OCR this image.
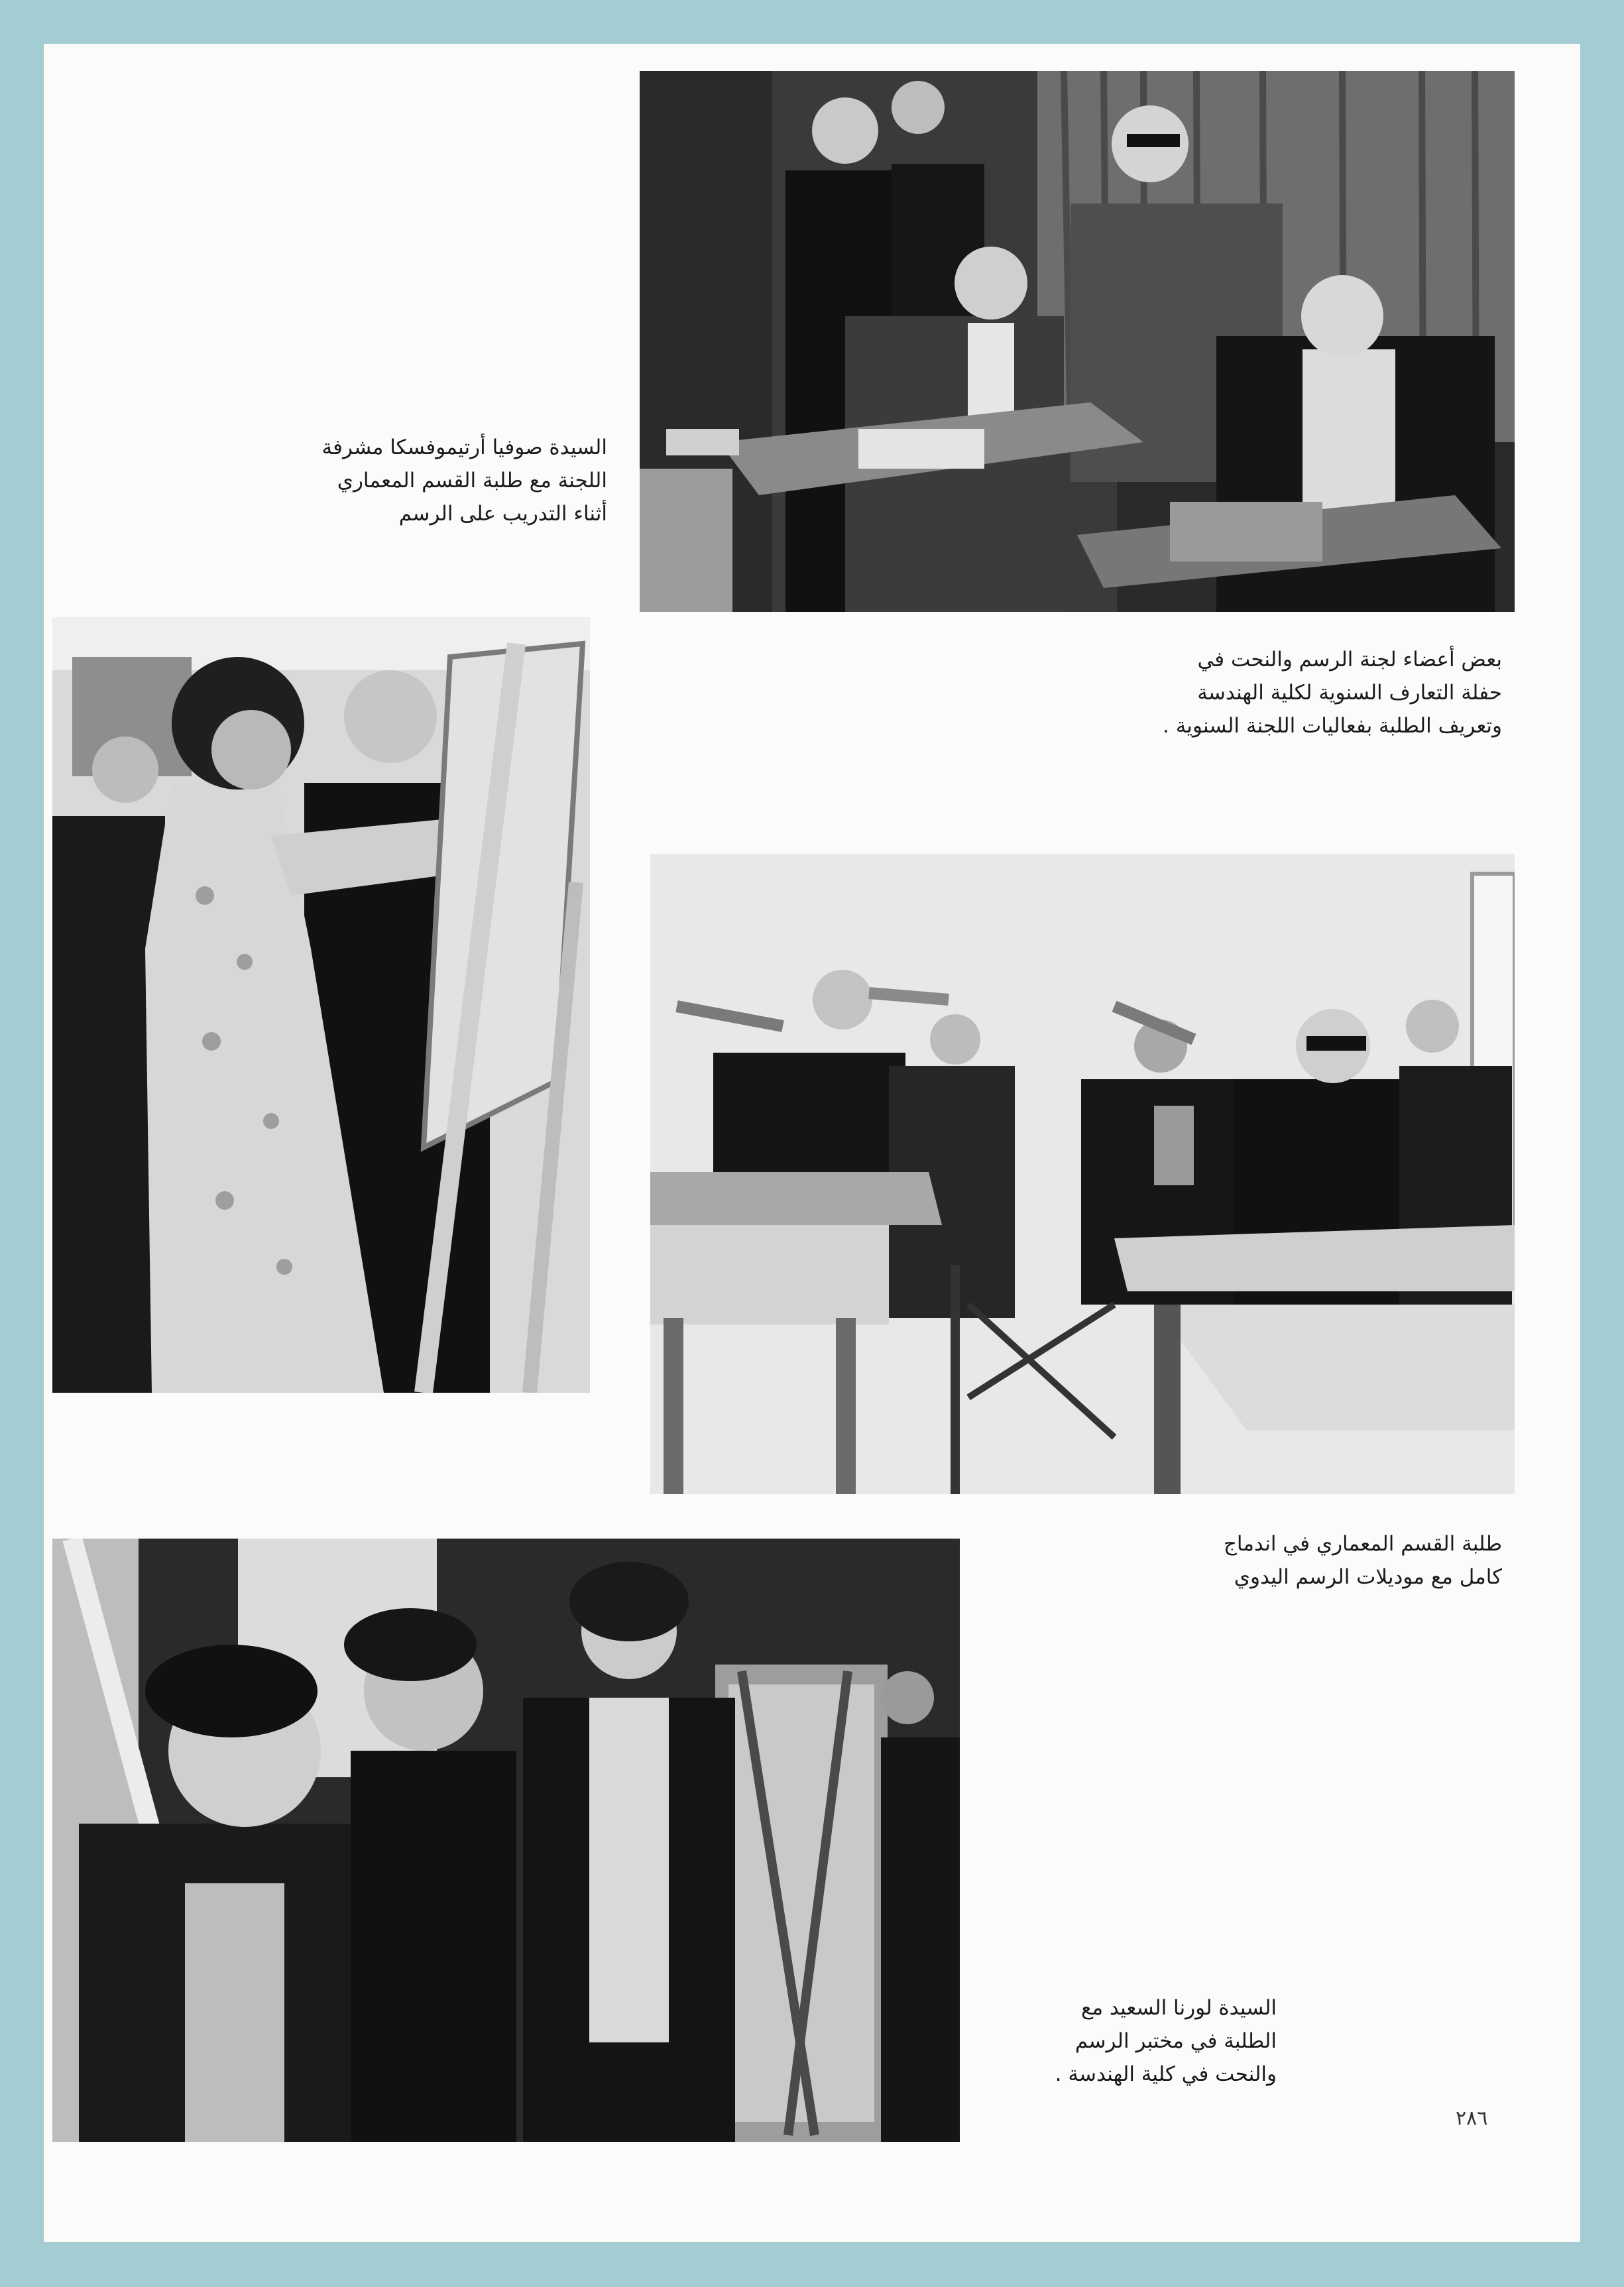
السيدة صوفيا أرتيموفسكا مشرفة
اللجنة مع طلبة القسم المعماري
أثناء التدريب على الرسم
بعض أعضاء لجنة الرسم والنحت في
حفلة التعارف السنوية لكلية الهندسة
وتعريف الطلبة بفعاليات اللجنة السنوية .
طلبة القسم المعماري في اندماج
كامل مع موديلات الرسم اليدوي
السيدة لورنا السعيد مع
الطلبة في مختبر الرسم
والنحت في كلية الهندسة .
٢٨٦
